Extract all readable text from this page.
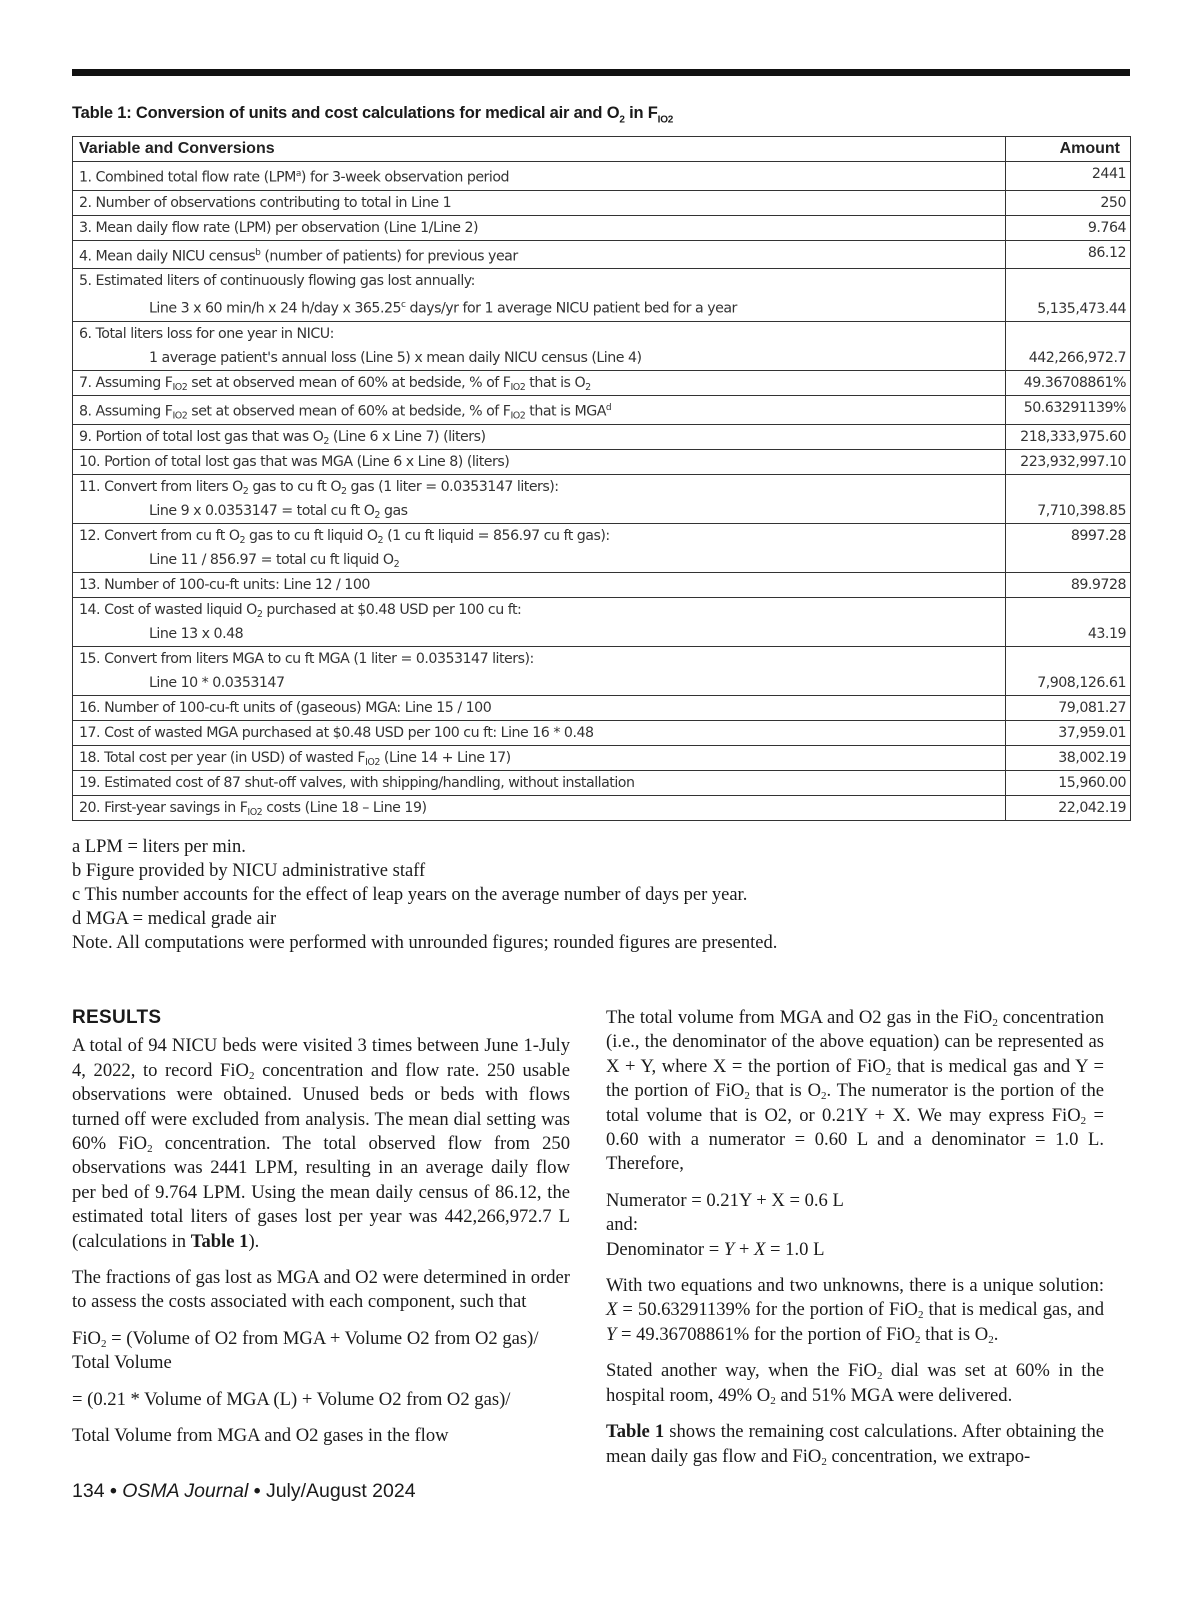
Table 1: Conversion of units and cost calculations for medical air and $O_2$ in $F_{IO2}$
Variable and Conversions	Amount
1. Combined total flow rate (LPM$^a$) for 3-week observation period	2441
2. Number of observations contributing to total in Line 1	250
3. Mean daily flow rate (LPM) per observation (Line 1/Line 2)	9.764
4. Mean daily NICU census$^b$ (number of patients) for previous year	86.12
5. Estimated liters of continuously flowing gas lost annually:
Line 3 x 60 min/h x 24 h/day x 365.25$^c$ days/yr for 1 average NICU patient bed for a year	5,135,473.44
6. Total liters loss for one year in NICU:
1 average patient's annual loss (Line 5) x mean daily NICU census (Line 4)	442,266,972.7
7. Assuming $F_{IO2}$ set at observed mean of 60% at bedside, % of $F_{IO2}$ that is $O_2$	49.36708861%
8. Assuming $F_{IO2}$ set at observed mean of 60% at bedside, % of $F_{IO2}$ that is MGA$^d$	50.63291139%
9. Portion of total lost gas that was $O_2$ (Line 6 x Line 7) (liters)	218,333,975.60
10. Portion of total lost gas that was MGA (Line 6 x Line 8) (liters)	223,932,997.10
11. Convert from liters $O_2$ gas to cu ft $O_2$ gas (1 liter = 0.0353147 liters):
Line 9 x 0.0353147 = total cu ft $O_2$ gas	7,710,398.85
12. Convert from cu ft $O_2$ gas to cu ft liquid $O_2$ (1 cu ft liquid = 856.97 cu ft gas):
Line 11 / 856.97 = total cu ft liquid $O_2$	8997.28
13. Number of 100-cu-ft units: Line 12 / 100	89.9728
14. Cost of wasted liquid $O_2$ purchased at $0.48 USD per 100 cu ft:
Line 13 x 0.48	43.19
15. Convert from liters MGA to cu ft MGA (1 liter = 0.0353147 liters):
Line 10 * 0.0353147	7,908,126.61
16. Number of 100-cu-ft units of (gaseous) MGA: Line 15 / 100	79,081.27
17. Cost of wasted MGA purchased at $0.48 USD per 100 cu ft: Line 16 * 0.48	37,959.01
18. Total cost per year (in USD) of wasted $F_{IO2}$ (Line 14 + Line 17)	38,002.19
19. Estimated cost of 87 shut-off valves, with shipping/handling, without installation	15,960.00
20. First-year savings in $F_{IO2}$ costs (Line 18 – Line 19)	22,042.19
a LPM = liters per min.
b Figure provided by NICU administrative staff
c This number accounts for the effect of leap years on the average number of days per year.
d MGA = medical grade air
Note. All computations were performed with unrounded figures; rounded figures are presented.
RESULTS

A total of 94 NICU beds were visited 3 times between June 1-July 4, 2022, to record FiO$_2$ concentration and flow rate. 250 usable observations were obtained. Unused beds or beds with flows turned off were excluded from analysis. The mean dial setting was 60% FiO$_2$ concentration. The total observed flow from 250 observations was 2441 LPM, resulting in an average daily flow per bed of 9.764 LPM. Using the mean daily census of 86.12, the estimated total liters of gases lost per year was 442,266,972.7 L (calculations in Table 1).

The fractions of gas lost as MGA and O2 were determined in order to assess the costs associated with each component, such that

FiO$_2$ = (Volume of O2 from MGA + Volume O2 from O2 gas)/ Total Volume

= (0.21 * Volume of MGA (L) + Volume O2 from O2 gas)/

Total Volume from MGA and O2 gases in the flow

The total volume from MGA and O2 gas in the FiO$_2$ concentration (i.e., the denominator of the above equation) can be represented as X + Y, where X = the portion of FiO$_2$ that is medical gas and Y = the portion of FiO$_2$ that is $O_2$. The numerator is the portion of the total volume that is O2, or 0.21Y + X. We may express FiO$_2$ = 0.60 with a numerator = 0.60 L and a denominator = 1.0 L. Therefore,

Numerator = 0.21Y + X = 0.6 L
and:

Denominator = Y + X = 1.0 L

With two equations and two unknowns, there is a unique solution: X = 50.63291139% for the portion of FiO$_2$ that is medical gas, and Y = 49.36708861% for the portion of FiO$_2$ that is $O_2$.

Stated another way, when the FiO$_2$ dial was set at 60% in the hospital room, 49% $O_2$ and 51% MGA were delivered.

Table 1 shows the remaining cost calculations. After obtaining the mean daily gas flow and FiO$_2$ concentration, we extrapo-

134 • OSMA Journal • July/August 2024
